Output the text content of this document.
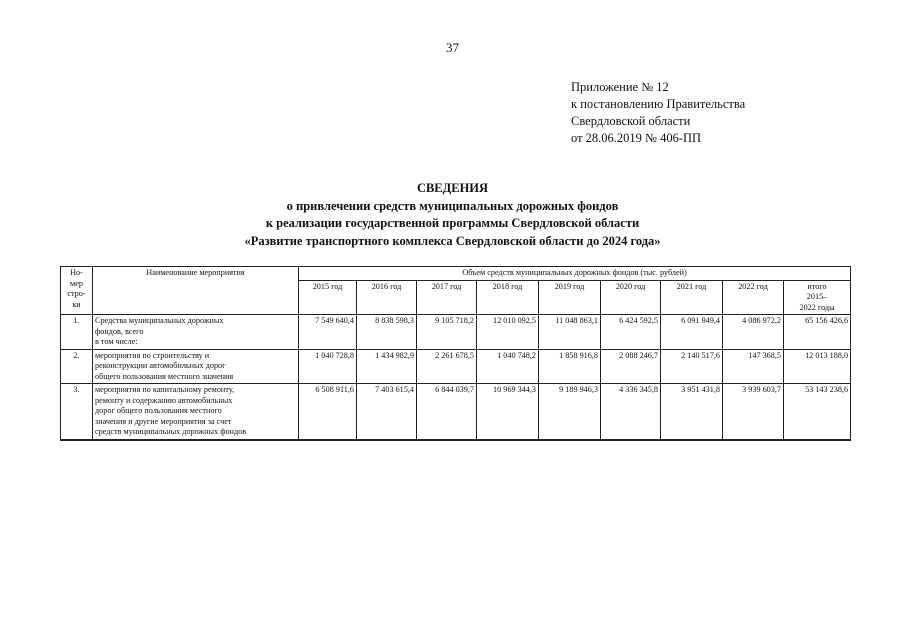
37
Приложение № 12
к постановлению Правительства
Свердловской области
от 28.06.2019 № 406-ПП
СВЕДЕНИЯ
о привлечении средств муниципальных дорожных фондов
к реализации государственной программы Свердловской области
«Развитие транспортного комплекса Свердловской области до 2024 года»
Но-
мер
стро-
ки	Наименование мероприятия	Объем средств муниципальных дорожных фондов (тыс. рублей)								
		2015 год	2016 год	2017 год	2018 год	2019 год	2020 год	2021 год	2022 год	итого
2015–
2022 годы

1.	Средства муниципальных дорожных
фондов, всего
в том числе:	7 549 640,4	8 838 598,3	9 105 718,2	12 010 092,5	11 048 863,1	6 424 592,5	6 091 949,4	4 086 972,2	65 156 426,6
2.	мероприятия по строительству и
реконструкции автомобильных дорог
общего пользования местного значения	1 040 728,8	1 434 982,9	2 261 678,5	1 040 748,2	1 858 916,8	2 088 246,7	2 140 517,6	147 368,5	12 013 188,0
3.	мероприятия по капитальному ремонту,
ремонту и содержанию автомобильных
дорог общего пользования местного
значения и другие мероприятия за счет
средств муниципальных дорожных фондов	6 508 911,6	7 403 615,4	6 844 039,7	10 969 344,3	9 189 946,3	4 336 345,8	3 951 431,8	3 939 603,7	53 143 238,6
